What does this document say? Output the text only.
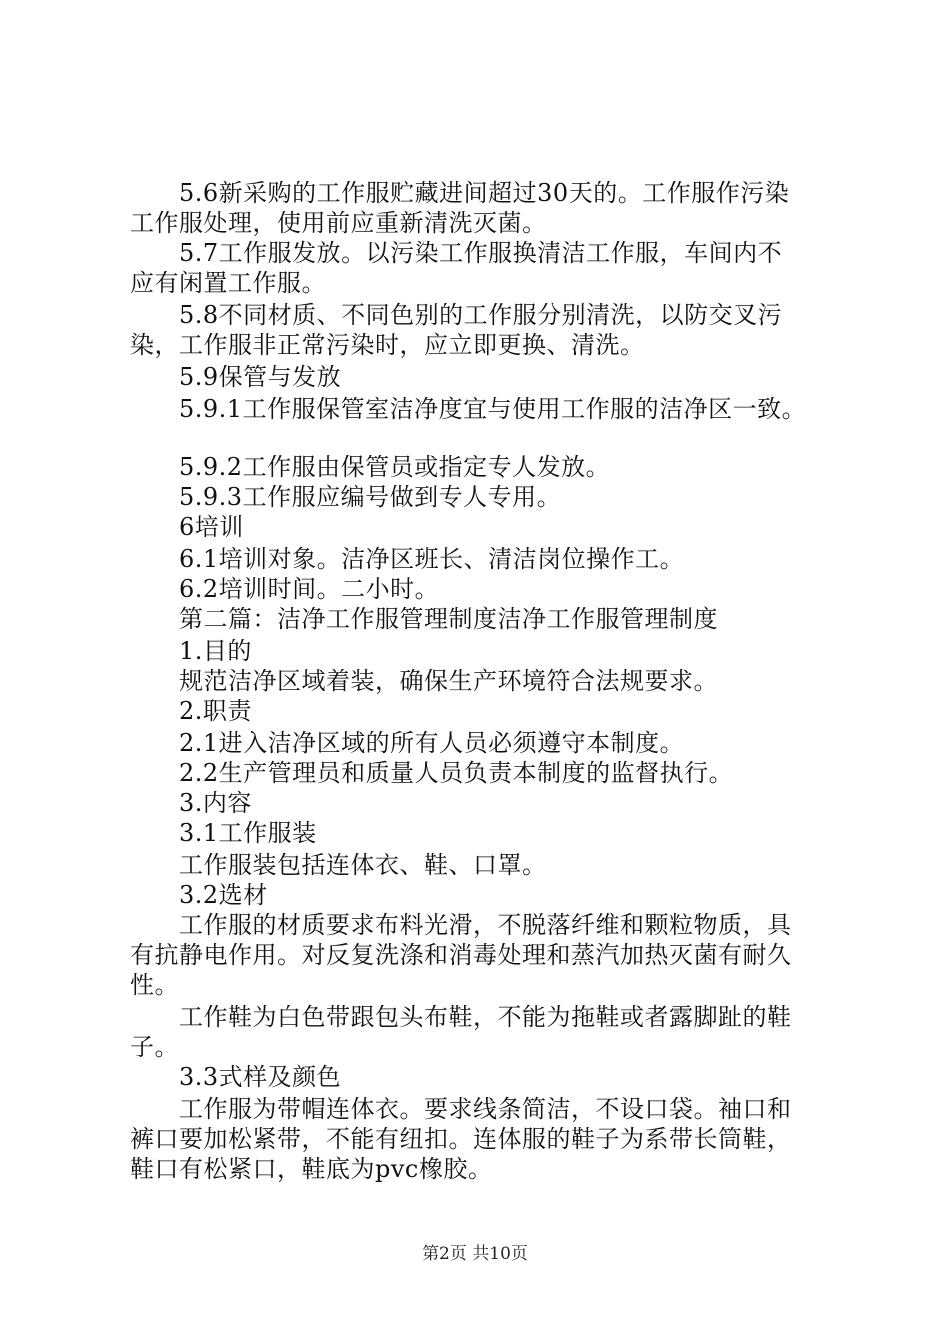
　　5.6新采购的工作服贮藏进间超过30天的。工作服作污染
工作服处理，使用前应重新清洗灭菌。
　　5.7工作服发放。以污染工作服换清洁工作服，车间内不
应有闲置工作服。
　　5.8不同材质、不同色别的工作服分别清洗，以防交叉污
染，工作服非正常污染时，应立即更换、清洗。
　　5.9保管与发放
　　5.9.1工作服保管室洁净度宜与使用工作服的洁净区一致。
　　5.9.2工作服由保管员或指定专人发放。
　　5.9.3工作服应编号做到专人专用。
　　6培训
　　6.1培训对象。洁净区班长、清洁岗位操作工。
　　6.2培训时间。二小时。
　　第二篇：洁净工作服管理制度洁净工作服管理制度
　　1.目的
　　规范洁净区域着装，确保生产环境符合法规要求。
　　2.职责
　　2.1进入洁净区域的所有人员必须遵守本制度。
　　2.2生产管理员和质量人员负责本制度的监督执行。
　　3.内容
　　3.1工作服装
　　工作服装包括连体衣、鞋、口罩。
　　3.2选材
　　工作服的材质要求布料光滑，不脱落纤维和颗粒物质，具
有抗静电作用。对反复洗涤和消毒处理和蒸汽加热灭菌有耐久
性。
　　工作鞋为白色带跟包头布鞋，不能为拖鞋或者露脚趾的鞋
子。
　　3.3式样及颜色
　　工作服为带帽连体衣。要求线条简洁，不设口袋。袖口和
裤口要加松紧带，不能有纽扣。连体服的鞋子为系带长筒鞋，
鞋口有松紧口，鞋底为pvc橡胶。
第2页 共10页
